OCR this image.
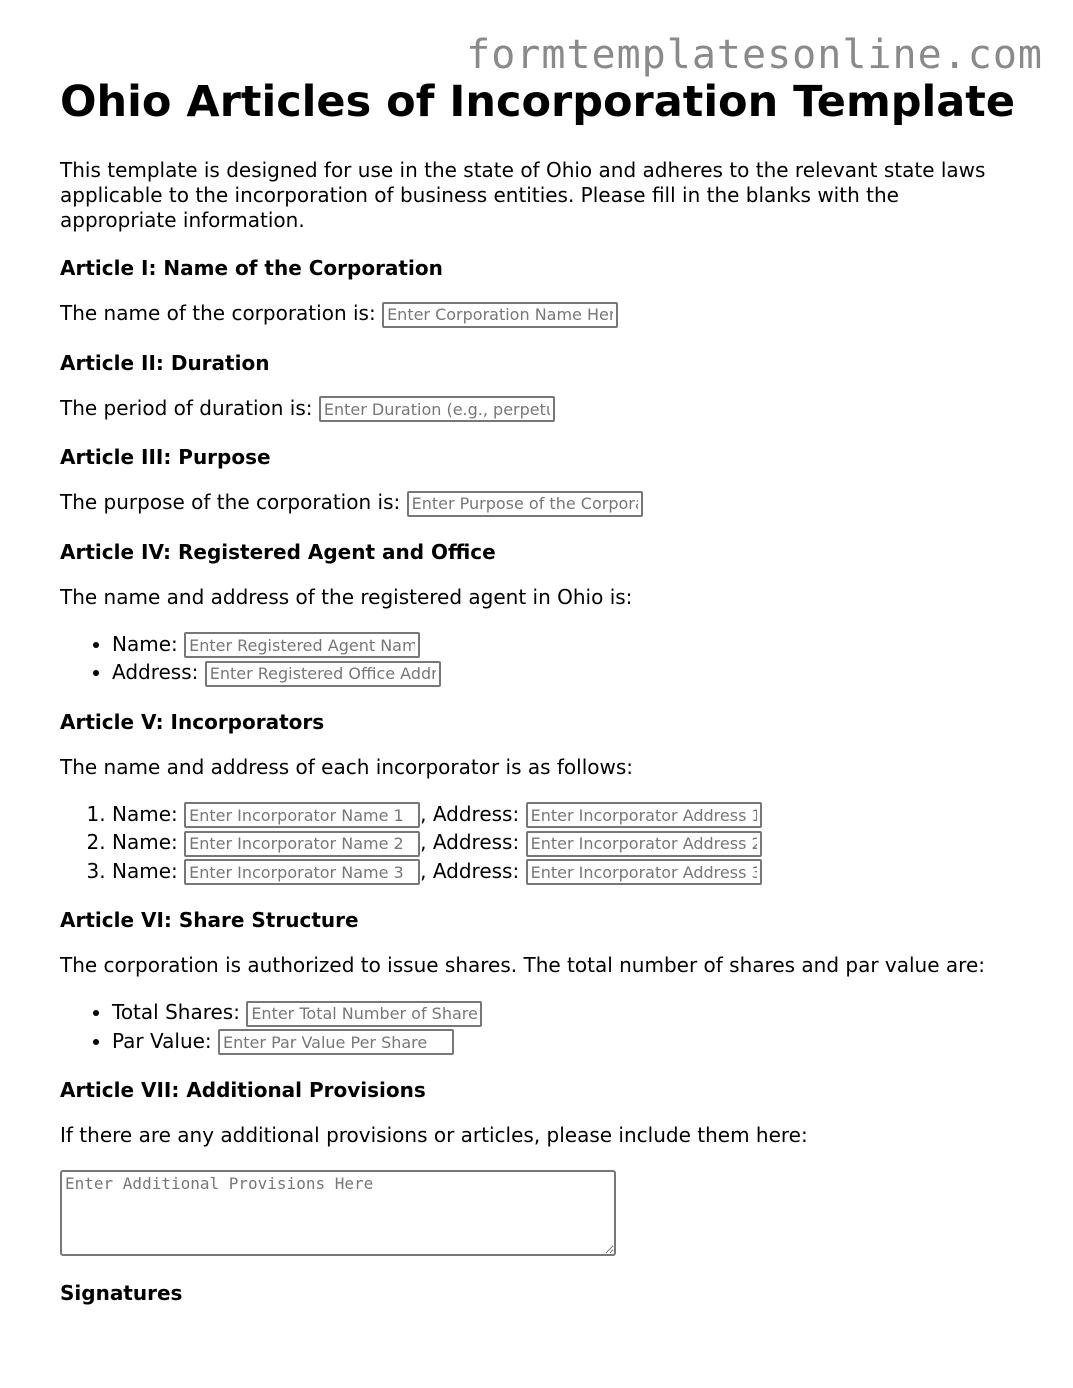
formtemplatesonline.com
Ohio Articles of Incorporation Template

This template is designed for use in the state of Ohio and adheres to the relevant state laws applicable to the incorporation of business entities. Please fill in the blanks with the appropriate information.

Article I: Name of the Corporation

The name of the corporation is: Enter Corporation Name Here

Article II: Duration

The period of duration is: Enter Duration (e.g., perpetual)

Article III: Purpose

The purpose of the corporation is: Enter Purpose of the Corporation

Article IV: Registered Agent and Office

The name and address of the registered agent in Ohio is:

• Name: Enter Registered Agent Name
• Address: Enter Registered Office Address
Article V: Incorporators

The name and address of each incorporator is as follows:

1. Name: Enter Incorporator Name 1	, Address: Enter Incorporator Address 1
2. Name: Enter Incorporator Name 2	, Address: Enter Incorporator Address 2
3. Name: Enter Incorporator Name 3	, Address: Enter Incorporator Address 3
Article VI: Share Structure

The corporation is authorized to issue shares. The total number of shares and par value are:

• Total Shares: Enter Total Number of Shares
• Par Value: Enter Par Value Per Share
Article VII: Additional Provisions

If there are any additional provisions or articles, please include them here:

Enter Additional Provisions Here
Signatures
